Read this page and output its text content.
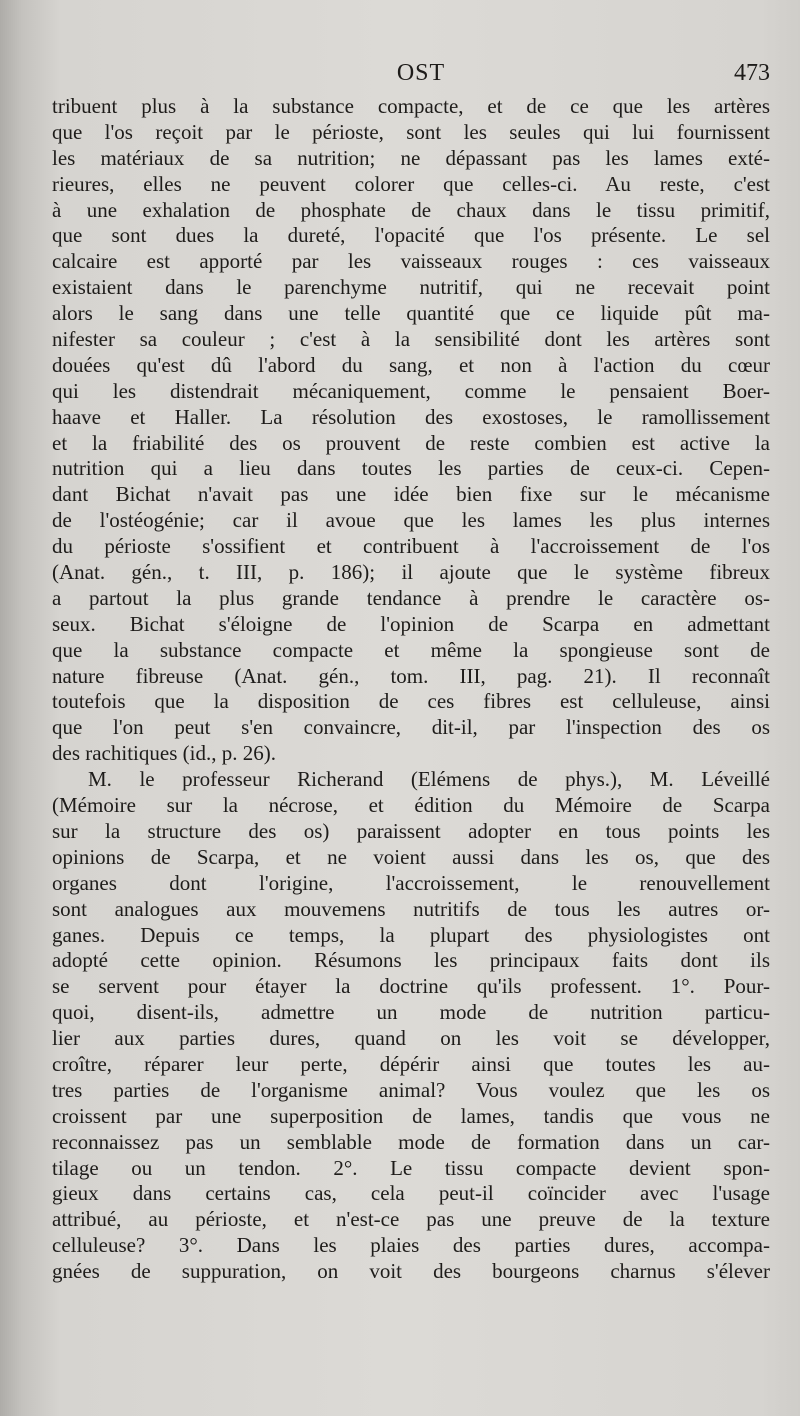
OST	473
tribuent plus à la substance compacte, et de ce que les artères
que l'os reçoit par le périoste, sont les seules qui lui fournissent
les matériaux de sa nutrition; ne dépassant pas les lames exté-
rieures, elles ne peuvent colorer que celles-ci. Au reste, c'est
à une exhalation de phosphate de chaux dans le tissu primitif,
que sont dues la dureté, l'opacité que l'os présente. Le sel
calcaire est apporté par les vaisseaux rouges : ces vaisseaux
existaient dans le parenchyme nutritif, qui ne recevait point
alors le sang dans une telle quantité que ce liquide pût ma-
nifester sa couleur ; c'est à la sensibilité dont les artères sont
douées qu'est dû l'abord du sang, et non à l'action du cœur
qui les distendrait mécaniquement, comme le pensaient Boer-
haave et Haller. La résolution des exostoses, le ramollissement
et la friabilité des os prouvent de reste combien est active la
nutrition qui a lieu dans toutes les parties de ceux-ci. Cepen-
dant Bichat n'avait pas une idée bien fixe sur le mécanisme
de l'ostéogénie; car il avoue que les lames les plus internes
du périoste s'ossifient et contribuent à l'accroissement de l'os
(Anat. gén., t. III, p. 186); il ajoute que le système fibreux
a partout la plus grande tendance à prendre le caractère os-
seux. Bichat s'éloigne de l'opinion de Scarpa en admettant
que la substance compacte et même la spongieuse sont de
nature fibreuse (Anat. gén., tom. III, pag. 21). Il reconnaît
toutefois que la disposition de ces fibres est celluleuse, ainsi
que l'on peut s'en convaincre, dit-il, par l'inspection des os
des rachitiques (id., p. 26).
M. le professeur Richerand (Elémens de phys.), M. Léveillé
(Mémoire sur la nécrose, et édition du Mémoire de Scarpa
sur la structure des os) paraissent adopter en tous points les
opinions de Scarpa, et ne voient aussi dans les os, que des
organes dont l'origine, l'accroissement, le renouvellement
sont analogues aux mouvemens nutritifs de tous les autres or-
ganes. Depuis ce temps, la plupart des physiologistes ont
adopté cette opinion. Résumons les principaux faits dont ils
se servent pour étayer la doctrine qu'ils professent. 1°. Pour-
quoi, disent-ils, admettre un mode de nutrition particu-
lier aux parties dures, quand on les voit se développer,
croître, réparer leur perte, dépérir ainsi que toutes les au-
tres parties de l'organisme animal? Vous voulez que les os
croissent par une superposition de lames, tandis que vous ne
reconnaissez pas un semblable mode de formation dans un car-
tilage ou un tendon. 2°. Le tissu compacte devient spon-
gieux dans certains cas, cela peut-il coïncider avec l'usage
attribué, au périoste, et n'est-ce pas une preuve de la texture
celluleuse? 3°. Dans les plaies des parties dures, accompa-
gnées de suppuration, on voit des bourgeons charnus s'élever
